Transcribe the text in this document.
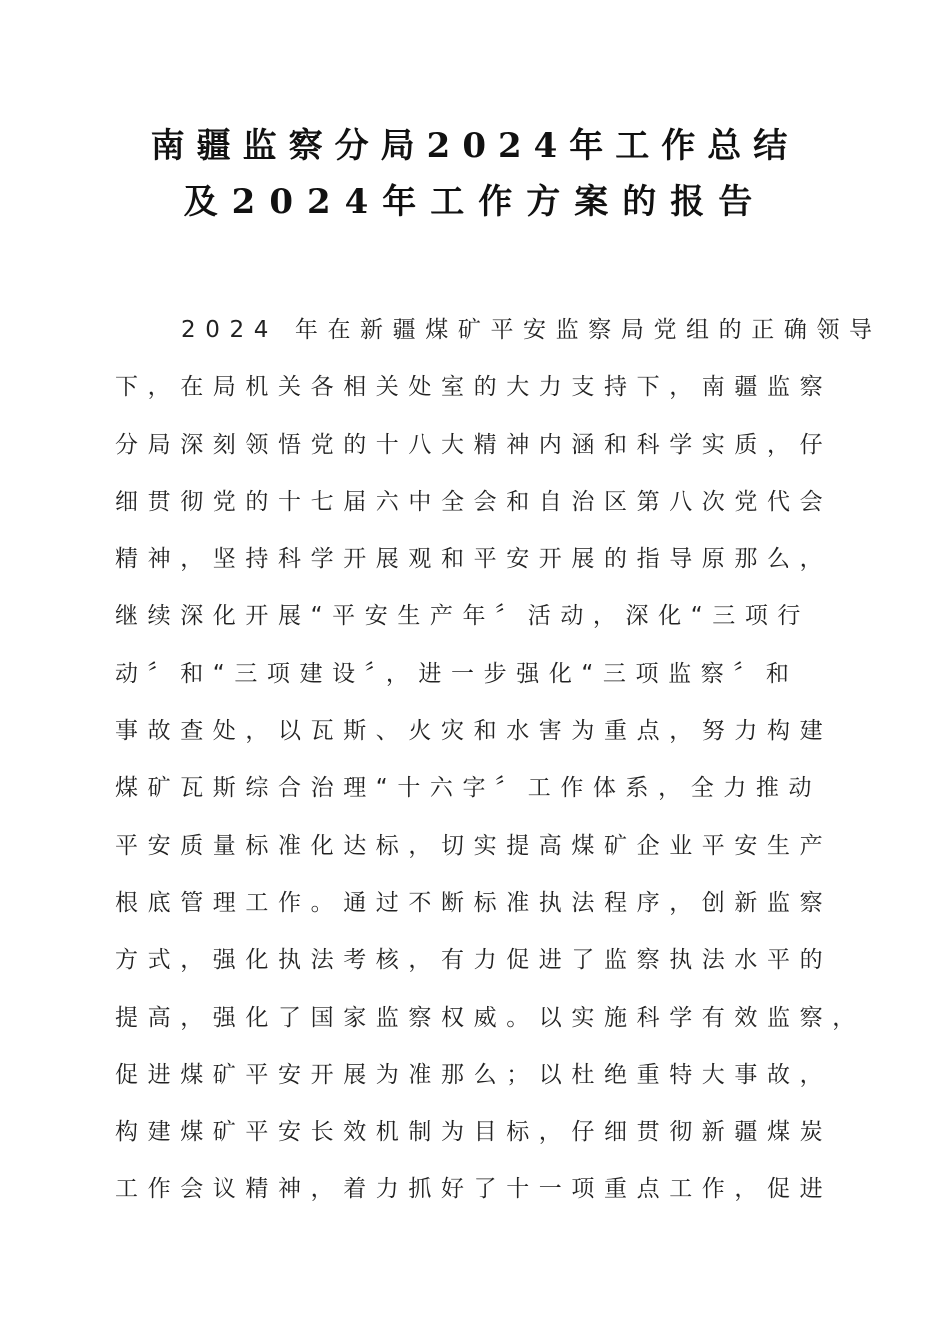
南疆监察分局2024年工作总结
及2024年工作方案的报告
2024 年在新疆煤矿平安监察局党组的正确领导
下，在局机关各相关处室的大力支持下，南疆监察
分局深刻领悟党的十八大精神内涵和科学实质，仔
细贯彻党的十七届六中全会和自治区第八次党代会
精神，坚持科学开展观和平安开展的指导原那么，
继续深化开展“平安生产年〞活动，深化“三项行
动〞和“三项建设〞，进一步强化“三项监察〞和
事故查处，以瓦斯、火灾和水害为重点，努力构建
煤矿瓦斯综合治理“十六字〞工作体系，全力推动
平安质量标准化达标，切实提高煤矿企业平安生产
根底管理工作。通过不断标准执法程序，创新监察
方式，强化执法考核，有力促进了监察执法水平的
提高，强化了国家监察权威。以实施科学有效监察，
促进煤矿平安开展为准那么；以杜绝重特大事故，
构建煤矿平安长效机制为目标，仔细贯彻新疆煤炭
工作会议精神，着力抓好了十一项重点工作，促进
